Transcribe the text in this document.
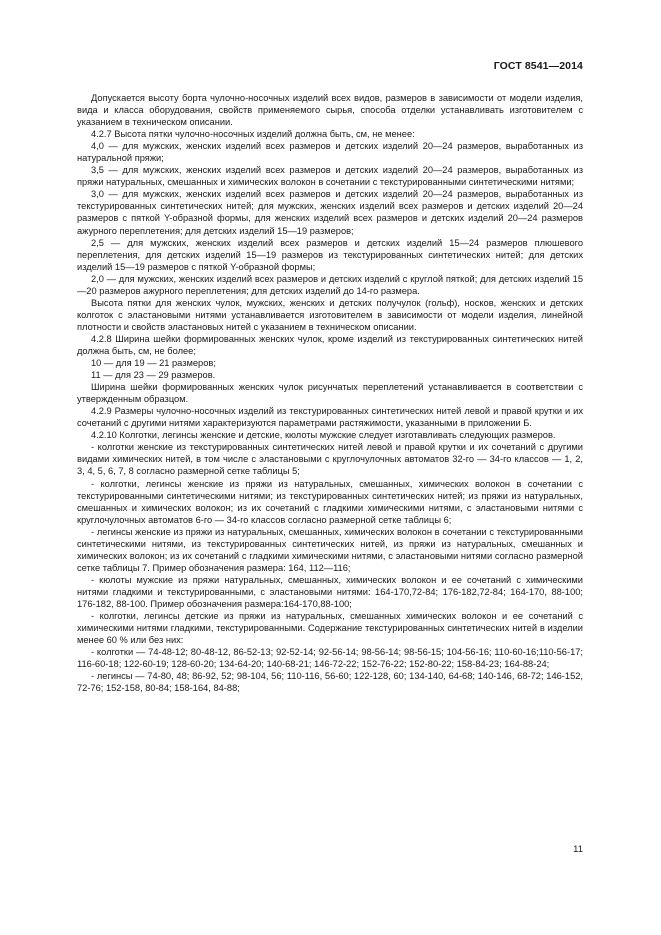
ГОСТ 8541—2014

Допускается высоту борта чулочно-носочных изделий всех видов, размеров в зависимости от модели изделия, вида и класса оборудования, свойств применяемого сырья, способа отделки устанавливать изготовителем с указанием в техническом описании.

4.2.7 Высота пятки чулочно-носочных изделий должна быть, см, не менее:

4,0 — для мужских, женских изделий всех размеров и детских изделий 20—24 размеров, выработанных из натуральной пряжи;

3,5 — для мужских, женских изделий всех размеров и детских изделий 20—24 размеров, выработанных из пряжи натуральных, смешанных и химических волокон в сочетании с текстурированными синтетическими нитями;

3,0 — для мужских, женских изделий всех размеров и детских изделий 20—24 размеров, выработанных из текстурированных синтетических нитей; для мужских, женских изделий всех размеров и детских изделий 20—24 размеров с пяткой Y-образной формы, для женских изделий всех размеров и детских изделий 20—24 размеров ажурного переплетения; для детских изделий 15—19 размеров;

2,5 — для мужских, женских изделий всех размеров и детских изделий 15—24 размеров плюшевого переплетения, для детских изделий 15—19 размеров из текстурированных синтетических нитей; для детских изделий 15—19 размеров с пяткой Y-образной формы;

2,0 — для мужских, женских изделий всех размеров и детских изделий с круглой пяткой; для детских изделий 15—20 размеров ажурного переплетения; для детских изделий до 14-го размера.

Высота пятки для женских чулок, мужских, женских и детских получулок (гольф), носков, женских и детских колготок с эластановыми нитями устанавливается изготовителем в зависимости от модели изделия, линейной плотности и свойств эластановых нитей с указанием в техническом описании.

4.2.8 Ширина шейки формированных женских чулок, кроме изделий из текстурированных синтетических нитей должна быть, см, не более;

10 — для 19 — 21 размеров;

11 — для 23 — 29 размеров.

Ширина шейки формированных женских чулок рисунчатых переплетений устанавливается в соответствии с утвержденным образцом.

4.2.9 Размеры чулочно-носочных изделий из текстурированных синтетических нитей левой и правой крутки и их сочетаний с другими нитями характеризуются параметрами растяжимости, указанными в приложении Б.

4.2.10 Колготки, легинсы женские и детские, кюлоты мужские следует изготавливать следующих размеров.

- колготки женские из текстурированных синтетических нитей левой и правой крутки и их сочетаний с другими видами химических нитей, в том числе с эластановыми с круглочулочных автоматов 32-го — 34-го классов — 1, 2, 3, 4, 5, 6, 7, 8 согласно размерной сетке таблицы 5;

- колготки, легинсы женские из пряжи из натуральных, смешанных, химических волокон в сочетании с текстурированными синтетическими нитями; из текстурированных синтетических нитей; из пряжи из натуральных, смешанных и химических волокон; из их сочетаний с гладкими химическими нитями, с эластановыми нитями с круглочулочных автоматов 6-го — 34-го классов согласно размерной сетке таблицы 6;

- легинсы женские из пряжи из натуральных, смешанных, химических волокон в сочетании с текстурированными синтетическими нитями, из текстурированных синтетических нитей, из пряжи из натуральных, смешанных и химических волокон; из их сочетаний с гладкими химическими нитями, с эластановыми нитями согласно размерной сетке таблицы 7. Пример обозначения размера: 164, 112—116;

- кюлоты мужские из пряжи натуральных, смешанных, химических волокон и ее сочетаний с химическими нитями гладкими и текстурированными, с эластановыми нитями: 164-170,72-84; 176-182,72-84; 164-170, 88-100; 176-182, 88-100. Пример обозначения размера:164-170,88-100;

- колготки, легинсы детские из пряжи из натуральных, смешанных химических волокон и ее сочетаний с химическими нитями гладкими, текстурированными. Содержание текстурированных синтетических нитей в изделии менее 60 % или без них:

- колготки — 74-48-12; 80-48-12, 86-52-13; 92-52-14; 92-56-14; 98-56-14; 98-56-15; 104-56-16; 110-60-16;110-56-17; 116-60-18; 122-60-19; 128-60-20; 134-64-20; 140-68-21; 146-72-22; 152-76-22; 152-80-22; 158-84-23; 164-88-24;

- легинсы — 74-80, 48; 86-92, 52; 98-104, 56; 110-116, 56-60; 122-128, 60; 134-140, 64-68; 140-146, 68-72; 146-152, 72-76; 152-158, 80-84; 158-164, 84-88;

11
